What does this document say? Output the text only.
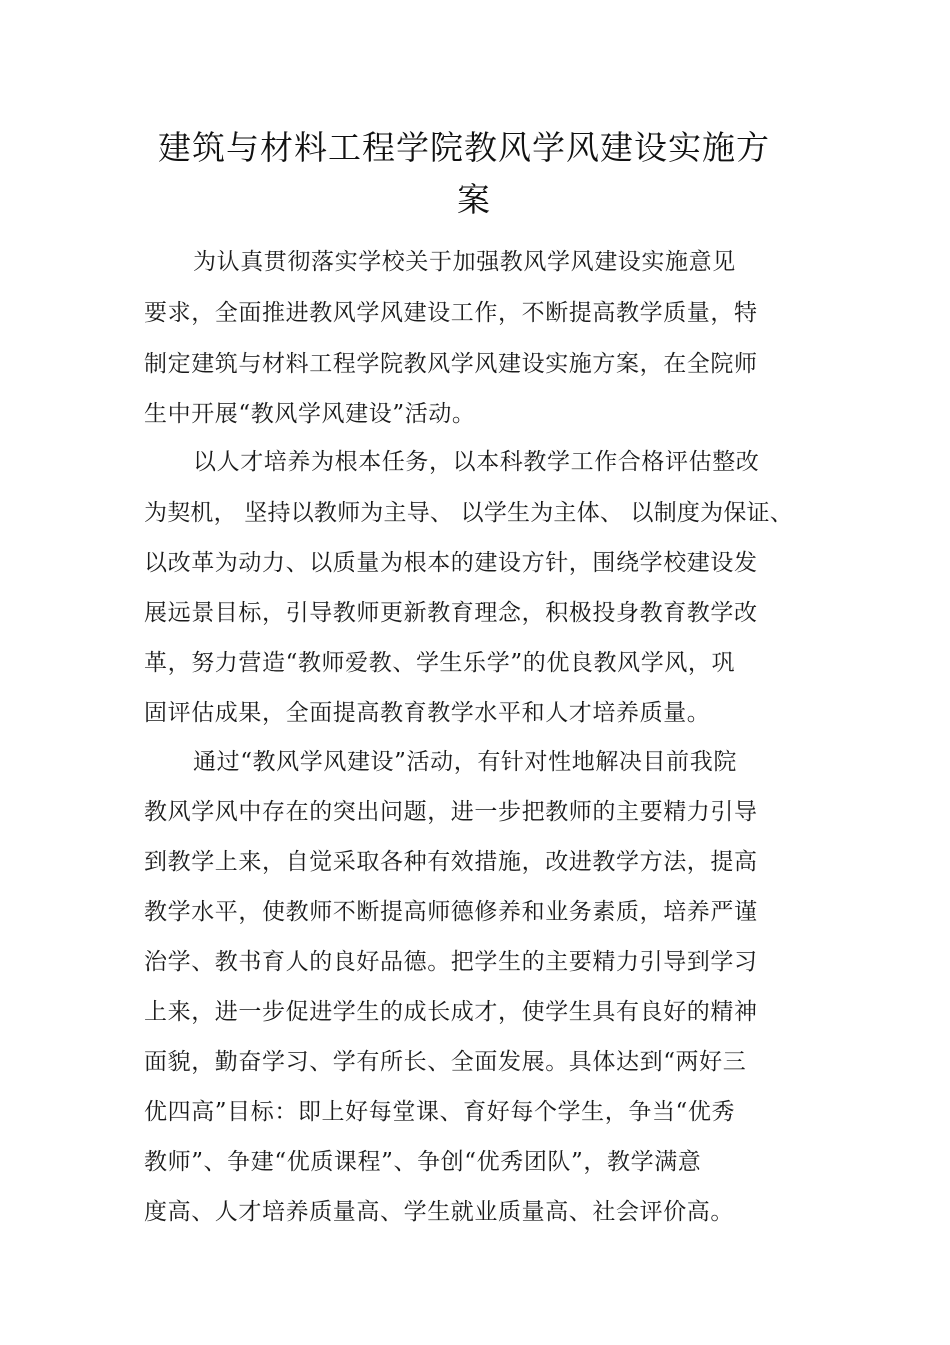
建筑与材料工程学院教风学风建设实施方
案
为认真贯彻落实学校关于加强教风学风建设实施意见
要求，全面推进教风学风建设工作，不断提高教学质量，特
制定建筑与材料工程学院教风学风建设实施方案，在全院师
生中开展“教风学风建设”活动。
以人才培养为根本任务，以本科教学工作合格评估整改
为契机， 坚持以教师为主导、 以学生为主体、 以制度为保证、
以改革为动力、以质量为根本的建设方针，围绕学校建设发
展远景目标，引导教师更新教育理念，积极投身教育教学改
革，努力营造“教师爱教、学生乐学”的优良教风学风，巩
固评估成果，全面提高教育教学水平和人才培养质量。
通过“教风学风建设”活动，有针对性地解决目前我院
教风学风中存在的突出问题，进一步把教师的主要精力引导
到教学上来，自觉采取各种有效措施，改进教学方法，提高
教学水平，使教师不断提高师德修养和业务素质，培养严谨
治学、教书育人的良好品德。把学生的主要精力引导到学习
上来，进一步促进学生的成长成才，使学生具有良好的精神
面貌，勤奋学习、学有所长、全面发展。具体达到“两好三
优四高”目标：即上好每堂课、育好每个学生，争当“优秀
教师”、争建“优质课程”、争创“优秀团队”，教学满意
度高、人才培养质量高、学生就业质量高、社会评价高。
